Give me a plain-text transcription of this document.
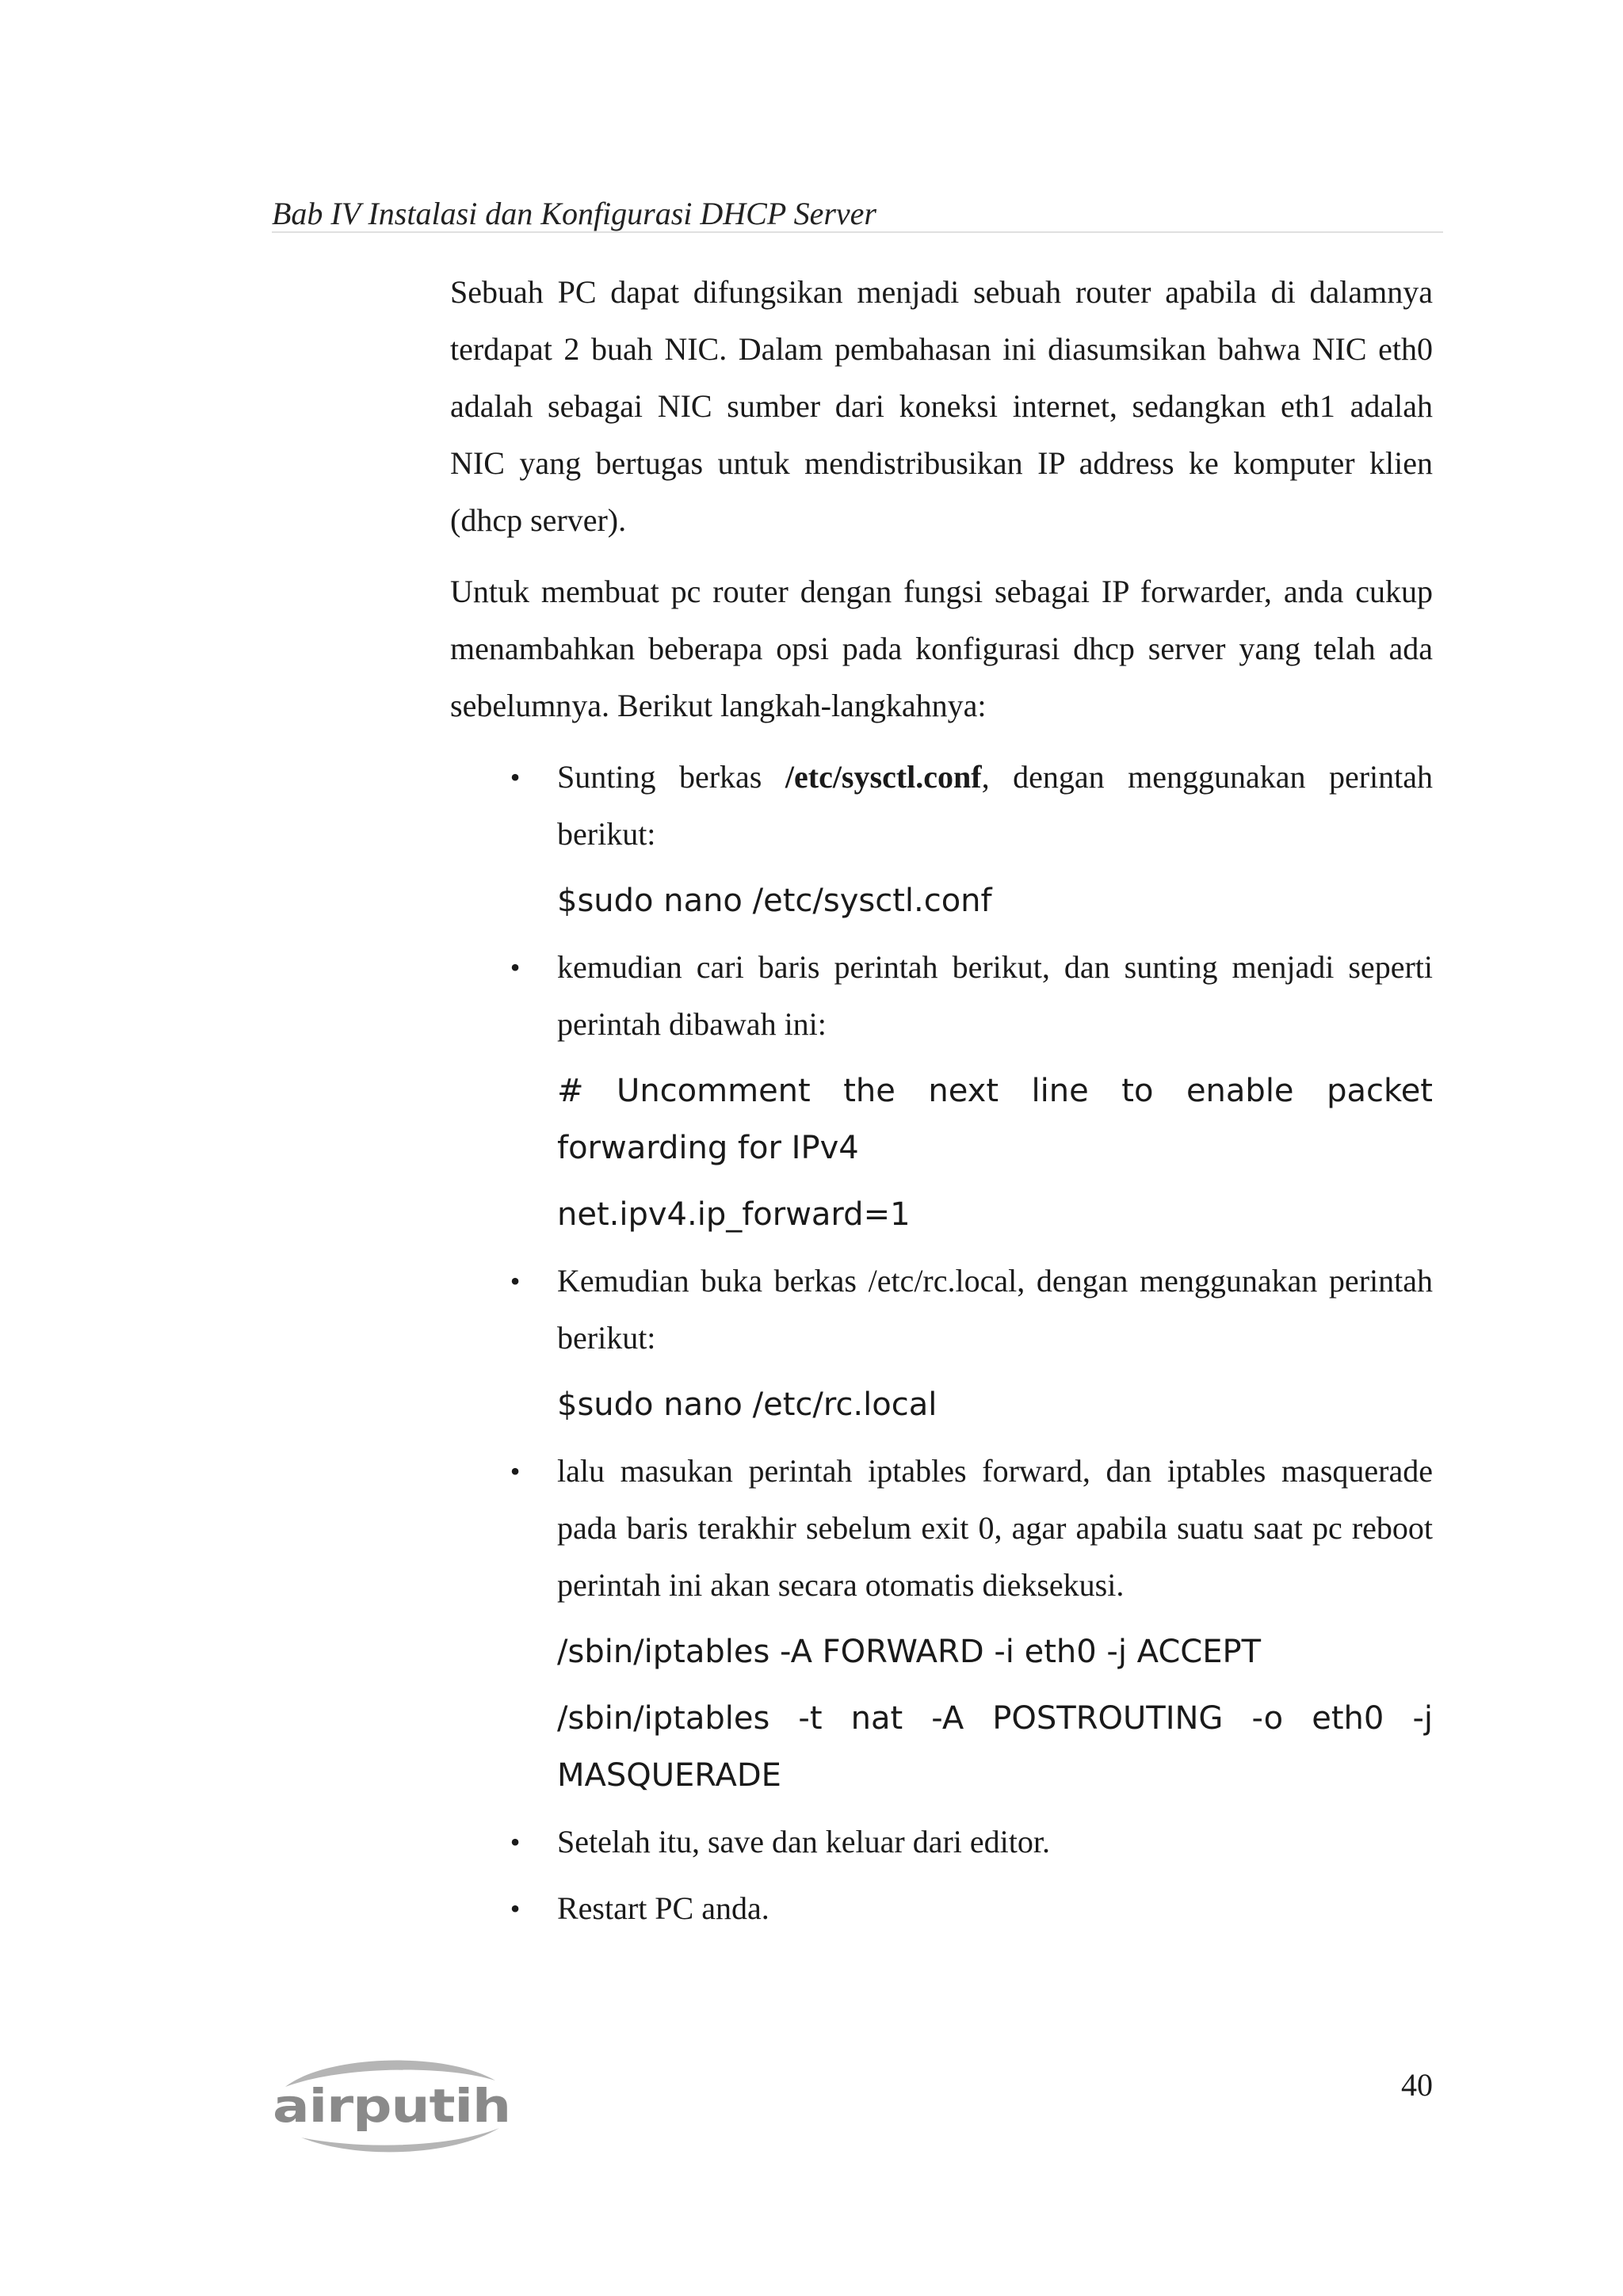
Bab IV Instalasi dan Konfigurasi DHCP Server

Sebuah PC dapat difungsikan menjadi sebuah router apabila di dalamnya terdapat 2 buah NIC. Dalam pembahasan ini diasumsikan bahwa NIC eth0 adalah sebagai NIC sumber dari koneksi internet, sedangkan eth1 adalah NIC yang bertugas untuk mendistribusikan IP address ke komputer klien (dhcp server).

Untuk membuat pc router dengan fungsi sebagai IP forwarder, anda cukup menambahkan beberapa opsi pada konfigurasi dhcp server yang telah ada sebelumnya. Berikut langkah-langkahnya:

• Sunting berkas /etc/sysctl.conf, dengan menggunakan perintah berikut:
$sudo nano /etc/sysctl.conf
• kemudian cari baris perintah berikut, dan sunting menjadi seperti perintah dibawah ini:
# Uncomment the next line to enable packet forwarding for IPv4
net.ipv4.ip_forward=1
• Kemudian buka berkas /etc/rc.local, dengan menggunakan perintah berikut:
$sudo nano /etc/rc.local
• lalu masukan perintah iptables forward, dan iptables masquerade pada baris terakhir sebelum exit 0, agar apabila suatu saat pc reboot perintah ini akan secara otomatis dieksekusi.
/sbin/iptables -A FORWARD -i eth0 -j ACCEPT
/sbin/iptables -t nat -A POSTROUTING -o eth0 -j MASQUERADE
• Setelah itu, save dan keluar dari editor.
• Restart PC anda.
airputih	40
